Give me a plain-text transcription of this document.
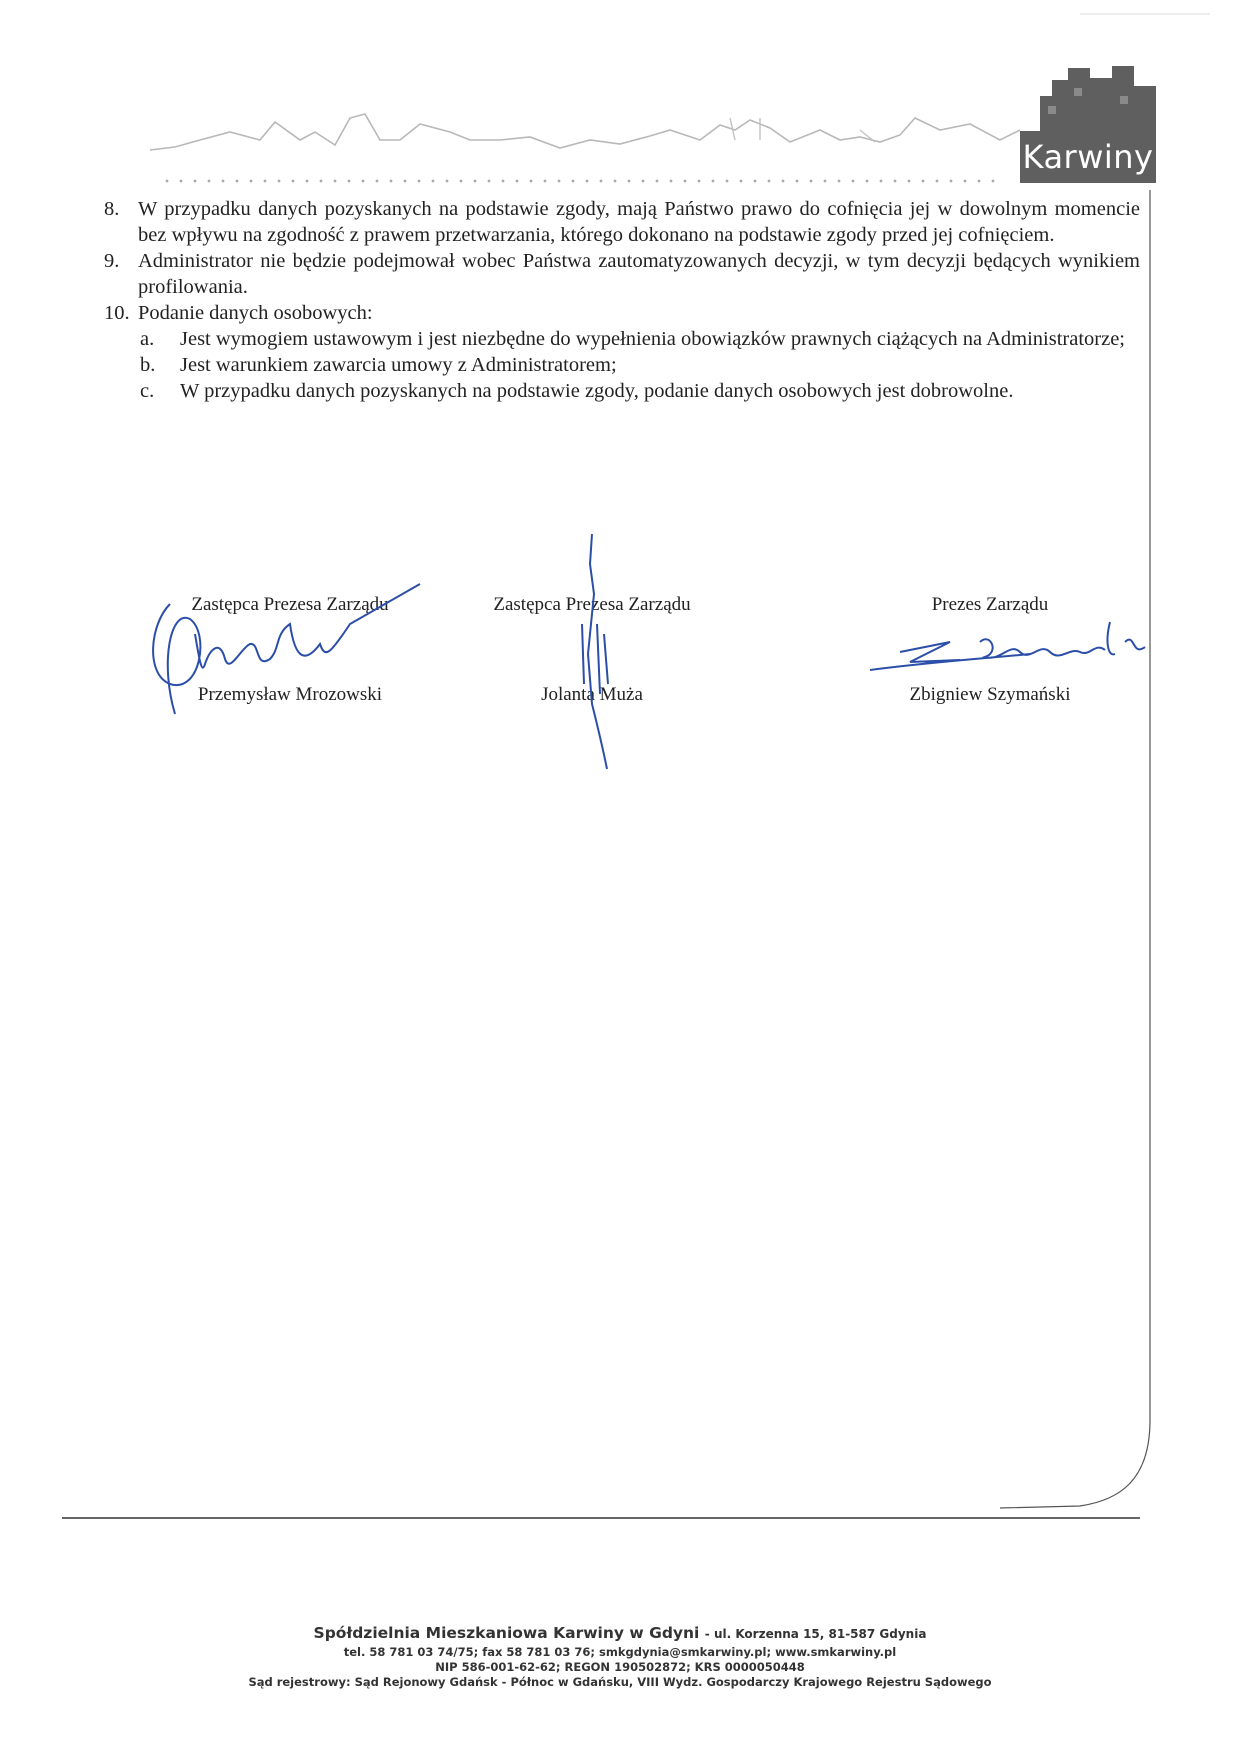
Karwiny
8. W przypadku danych pozyskanych na podstawie zgody, mają Państwo prawo do cofnięcia jej w dowolnym momencie bez wpływu na zgodność z prawem przetwarzania, którego dokonano na podstawie zgody przed jej cofnięciem.
9. Administrator nie będzie podejmował wobec Państwa zautomatyzowanych decyzji, w tym decyzji będących wynikiem profilowania.
10. Podanie danych osobowych:
a.	Jest wymogiem ustawowym i jest niezbędne do wypełnienia obowiązków prawnych ciążących na Administratorze;
b.	Jest warunkiem zawarcia umowy z Administratorem;
c.	W przypadku danych pozyskanych na podstawie zgody, podanie danych osobowych jest dobrowolne.
Zastępca Prezesa Zarządu
Przemysław Mrozowski
Zastępca Prezesa Zarządu
Jolanta Muża
Prezes Zarządu
Zbigniew Szymański
Spółdzielnia Mieszkaniowa Karwiny w Gdyni - ul. Korzenna 15, 81-587 Gdynia
tel. 58 781 03 74/75; fax 58 781 03 76; smkgdynia@smkarwiny.pl; www.smkarwiny.pl
NIP 586-001-62-62; REGON 190502872; KRS 0000050448
Sąd rejestrowy: Sąd Rejonowy Gdańsk - Północ w Gdańsku, VIII Wydz. Gospodarczy Krajowego Rejestru Sądowego
